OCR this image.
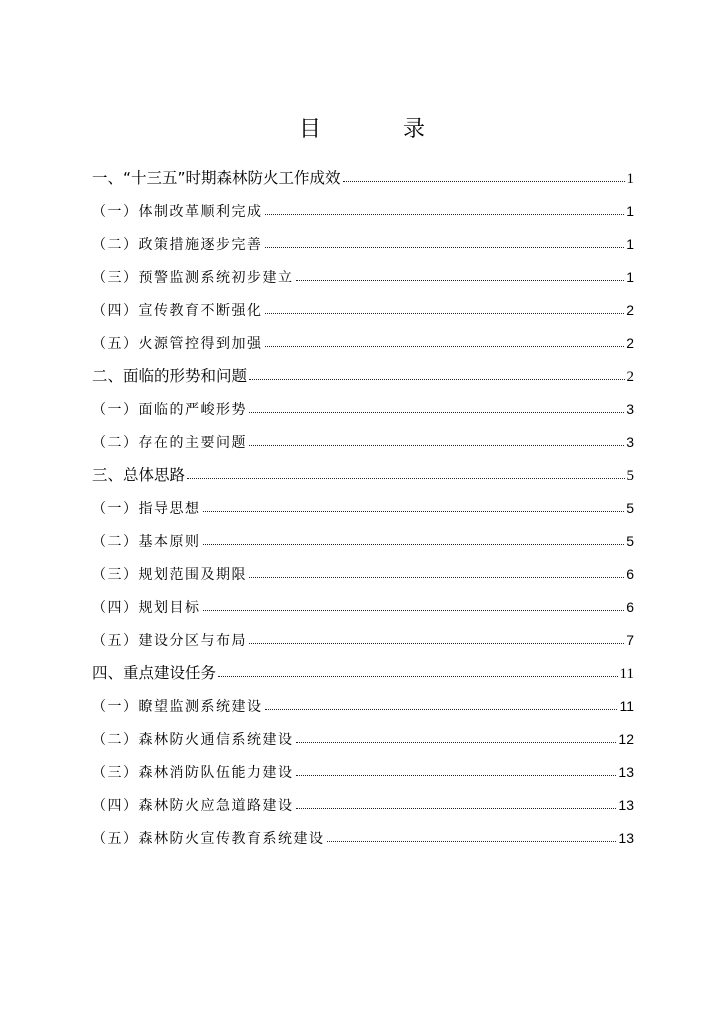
目　录
一、“十三五”时期森林防火工作成效	1
（一）体制改革顺利完成	1
（二）政策措施逐步完善	1
（三）预警监测系统初步建立	1
（四）宣传教育不断强化	2
（五）火源管控得到加强	2
二、面临的形势和问题	2
（一）面临的严峻形势	3
（二）存在的主要问题	3
三、总体思路	5
（一）指导思想	5
（二）基本原则	5
（三）规划范围及期限	6
（四）规划目标	6
（五）建设分区与布局	7
四、重点建设任务	11
（一）瞭望监测系统建设	11
（二）森林防火通信系统建设	12
（三）森林消防队伍能力建设	13
（四）森林防火应急道路建设	13
（五）森林防火宣传教育系统建设	13
